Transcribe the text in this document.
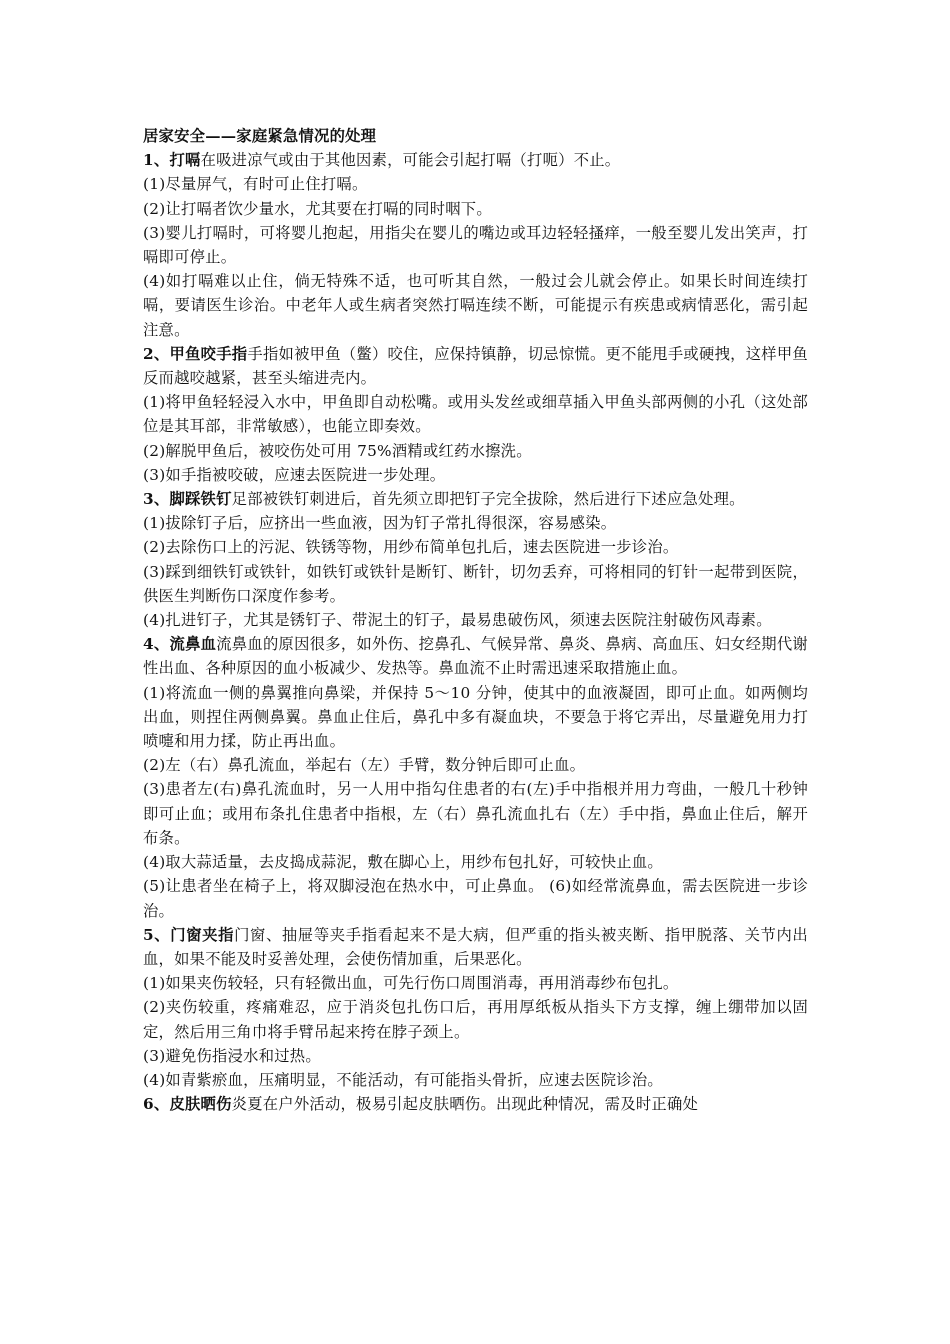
居家安全——家庭紧急情况的处理

1、打嗝在吸进凉气或由于其他因素，可能会引起打嗝（打呃）不止。

(1)尽量屏气，有时可止住打嗝。

(2)让打嗝者饮少量水，尤其要在打嗝的同时咽下。

(3)婴儿打嗝时，可将婴儿抱起，用指尖在婴儿的嘴边或耳边轻轻搔痒，一般至婴儿发出笑声，打嗝即可停止。

(4)如打嗝难以止住，倘无特殊不适，也可听其自然，一般过会儿就会停止。如果长时间连续打嗝，要请医生诊治。中老年人或生病者突然打嗝连续不断，可能提示有疾患或病情恶化，需引起注意。

2、甲鱼咬手指手指如被甲鱼（鳖）咬住，应保持镇静，切忌惊慌。更不能甩手或硬拽，这样甲鱼反而越咬越紧，甚至头缩进壳内。

(1)将甲鱼轻轻浸入水中，甲鱼即自动松嘴。或用头发丝或细草插入甲鱼头部两侧的小孔（这处部位是其耳部，非常敏感），也能立即奏效。

(2)解脱甲鱼后，被咬伤处可用 75%酒精或红药水擦洗。

(3)如手指被咬破，应速去医院进一步处理。

3、脚踩铁钉足部被铁钉刺进后，首先须立即把钉子完全拔除，然后进行下述应急处理。

(1)拔除钉子后，应挤出一些血液，因为钉子常扎得很深，容易感染。

(2)去除伤口上的污泥、铁锈等物，用纱布简单包扎后，速去医院进一步诊治。

(3)踩到细铁钉或铁针，如铁钉或铁针是断钉、断针，切勿丢弃，可将相同的钉针一起带到医院，供医生判断伤口深度作参考。

(4)扎进钉子，尤其是锈钉子、带泥土的钉子，最易患破伤风，须速去医院注射破伤风毒素。

4、流鼻血流鼻血的原因很多，如外伤、挖鼻孔、气候异常、鼻炎、鼻病、高血压、妇女经期代谢性出血、各种原因的血小板减少、发热等。鼻血流不止时需迅速采取措施止血。

(1)将流血一侧的鼻翼推向鼻梁，并保持 5～10 分钟，使其中的血液凝固，即可止血。如两侧均出血，则捏住两侧鼻翼。鼻血止住后，鼻孔中多有凝血块，不要急于将它弄出，尽量避免用力打喷嚏和用力揉，防止再出血。

(2)左（右）鼻孔流血，举起右（左）手臂，数分钟后即可止血。

(3)患者左(右)鼻孔流血时，另一人用中指勾住患者的右(左)手中指根并用力弯曲，一般几十秒钟即可止血；或用布条扎住患者中指根，左（右）鼻孔流血扎右（左）手中指，鼻血止住后，解开布条。

(4)取大蒜适量，去皮捣成蒜泥，敷在脚心上，用纱布包扎好，可较快止血。

(5)让患者坐在椅子上，将双脚浸泡在热水中，可止鼻血。 (6)如经常流鼻血，需去医院进一步诊治。

5、门窗夹指门窗、抽屉等夹手指看起来不是大病，但严重的指头被夹断、指甲脱落、关节内出血，如果不能及时妥善处理，会使伤情加重，后果恶化。

(1)如果夹伤较轻，只有轻微出血，可先行伤口周围消毒，再用消毒纱布包扎。

(2)夹伤较重，疼痛难忍，应于消炎包扎伤口后，再用厚纸板从指头下方支撑，缠上绷带加以固定，然后用三角巾将手臂吊起来挎在脖子颈上。

(3)避免伤指浸水和过热。

(4)如青紫瘀血，压痛明显，不能活动，有可能指头骨折，应速去医院诊治。

6、皮肤晒伤炎夏在户外活动，极易引起皮肤晒伤。出现此种情况，需及时正确处
